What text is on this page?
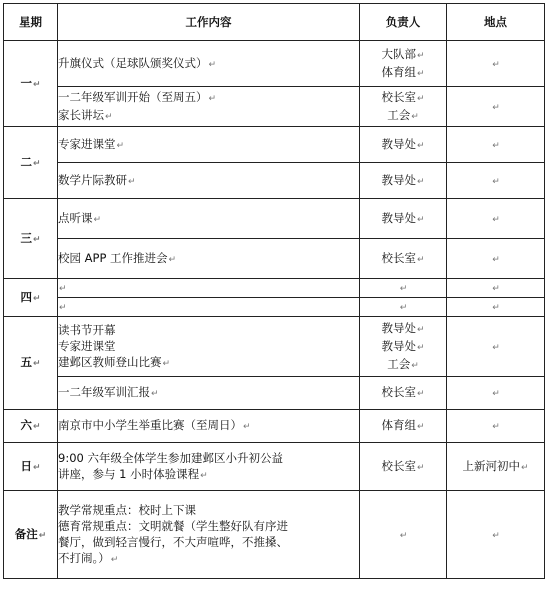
星期	工作内容	负责人	地点
一↵	升旗仪式（足球队颁奖仪式）↵	大队部↵
体育组↵	↵

	一二年级军训开始（至周五）↵
家长讲坛↵	校长室↵
工会↵	↵
二↵	专家进课堂↵	教导处↵	↵
	数学片际教研↵	教导处↵	↵
三↵	点听课↵	教导处↵	↵
	校园 APP 工作推进会↵	校长室↵	↵
四↵	↵	↵	↵
	↵	↵	↵
五↵	读书节开幕
专家进课堂
建邺区教师登山比赛↵	教导处↵
教导处↵
工会↵	↵
	一二年级军训汇报↵	校长室↵	↵
六↵	南京市中小学生举重比赛（至周日）↵	体育组↵	↵
日↵	9:00 六年级全体学生参加建邺区小升初公益
讲座，参与 1 小时体验课程↵	校长室↵	上新河初中↵
备注↵	教学常规重点：校时上下课
德育常规重点：文明就餐（学生整好队有序进
餐厅，做到轻言慢行，不大声喧哗，不推搡、
不打闹。）↵	↵	↵
